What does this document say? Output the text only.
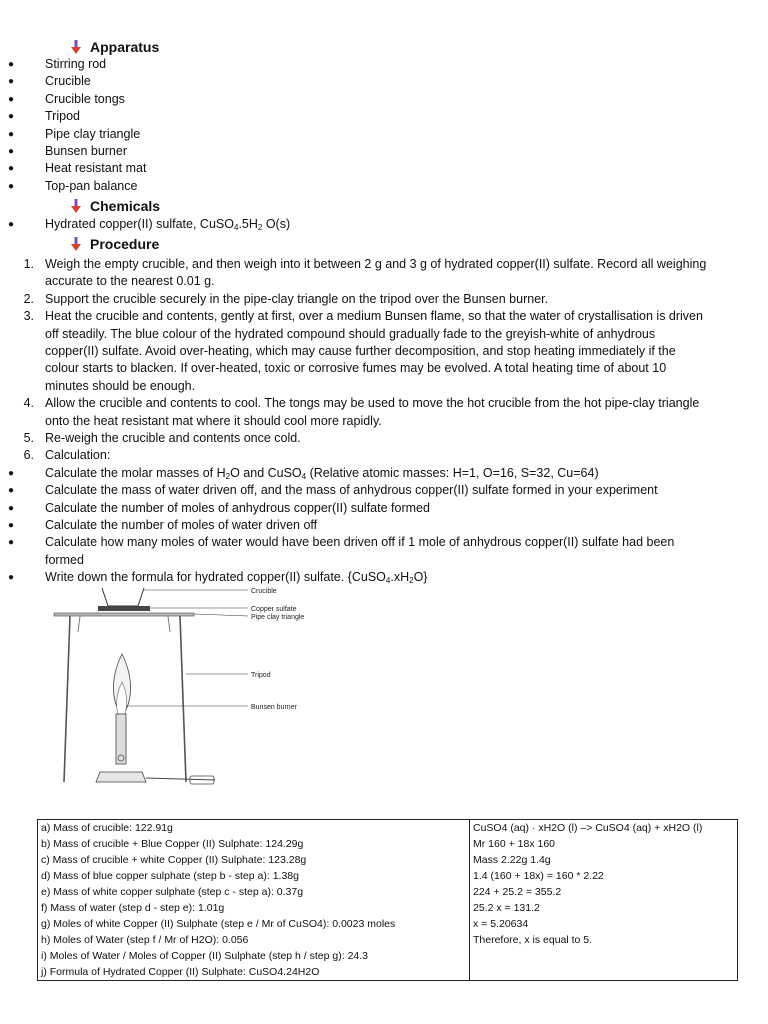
Apparatus
● Stirring rod
● Crucible
● Crucible tongs
● Tripod
● Pipe clay triangle
● Bunsen burner
● Heat resistant mat
● Top-pan balance
Chemicals
● Hydrated copper(II) sulfate, $CuSO_4.5H_2$ O(s)
Procedure
1. Weigh the empty crucible, and then weigh into it between 2 g and 3 g of hydrated copper(II) sulfate. Record all weighing
accurate to the nearest 0.01 g.
2. Support the crucible securely in the pipe-clay triangle on the tripod over the Bunsen burner.
3. Heat the crucible and contents, gently at first, over a medium Bunsen flame, so that the water of crystallisation is driven
off steadily. The blue colour of the hydrated compound should gradually fade to the greyish-white of anhydrous
copper(II) sulfate. Avoid over-heating, which may cause further decomposition, and stop heating immediately if the
colour starts to blacken. If over-heated, toxic or corrosive fumes may be evolved. A total heating time of about 10
minutes should be enough.
4. Allow the crucible and contents to cool. The tongs may be used to move the hot crucible from the hot pipe-clay triangle
onto the heat resistant mat where it should cool more rapidly.
5. Re-weigh the crucible and contents once cold.
6. Calculation:
● Calculate the molar masses of $H_2O$ and CuSO$_4$ (Relative atomic masses: H=1, O=16, S=32, Cu=64)
● Calculate the mass of water driven off, and the mass of anhydrous copper(II) sulfate formed in your experiment
● Calculate the number of moles of anhydrous copper(II) sulfate formed
● Calculate the number of moles of water driven off
● Calculate how many moles of water would have been driven off if 1 mole of anhydrous copper(II) sulfate had been
formed
● Write down the formula for hydrated copper(II) sulfate. $\{CuSO_4.xH_2O\}$
Crucible
Copper sulfate
Pipe clay triangle
Tripod
Bunsen burner
a) Mass of crucible: 122.91g
b) Mass of crucible + Blue Copper (II) Sulphate: 124.29g
c) Mass of crucible + white Copper (II) Sulphate: 123.28g
d) Mass of blue copper sulphate (step b - step a): 1.38g
e) Mass of white copper sulphate (step c - step a): 0.37g
f) Mass of water (step d - step e): 1.01g
g) Moles of white Copper (II) Sulphate (step e / Mr of CuSO4): 0.0023 moles
h) Moles of Water (step f / Mr of H2O): 0.056
i) Moles of Water / Moles of Copper (II) Sulphate (step h / step g): 24.3
j) Formula of Hydrated Copper (II) Sulphate: CuSO4.24H2O

CuSO4 (aq) · xH2O (l) –> CuSO4 (aq) + xH2O (l)
Mr 160 + 18x 160
Mass 2.22g 1.4g
1.4 (160 + 18x) = 160 * 2.22
224 + 25.2 = 355.2
25.2 x = 131.2
x = 5.20634
Therefore, x is equal to 5.
